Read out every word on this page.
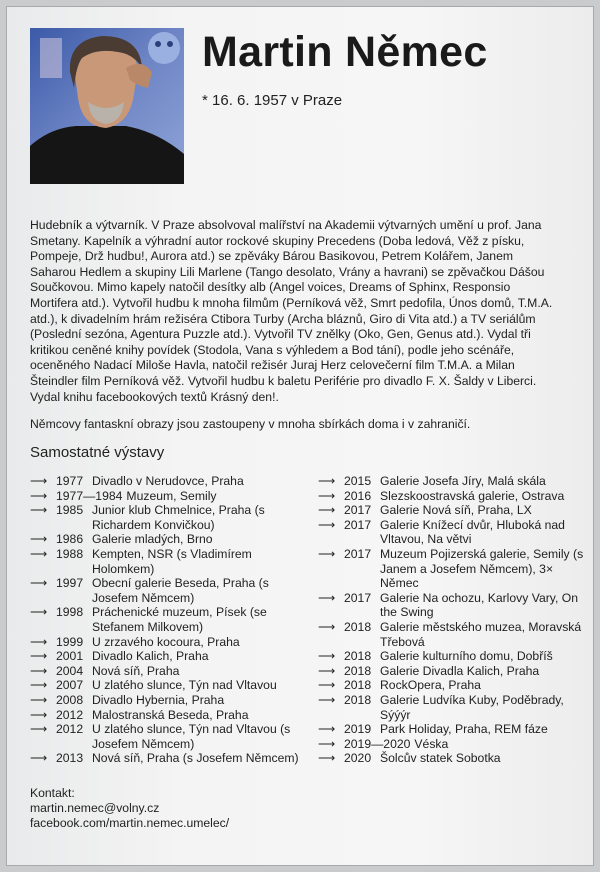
Martin Němec
* 16. 6. 1957 v Praze

Hudebník a výtvarník. V Praze absolvoval malířství na Akademii výtvarných umění u prof. Jana Smetany. Kapelník a výhradní autor rockové skupiny Precedens (Doba ledová, Věž z písku, Pompeje, Drž hudbu!, Aurora atd.) se zpěváky Bárou Basikovou, Petrem Kolářem, Janem Saharou Hedlem a skupiny Lili Marlene (Tango desolato, Vrány a havrani) se zpěvačkou Dášou Součkovou. Mimo kapely natočil desítky alb (Angel voices, Dreams of Sphinx, Responsio Mortifera atd.). Vytvořil hudbu k mnoha filmům (Perníková věž, Smrt pedofila, Únos domů, T.M.A. atd.), k divadelním hrám režiséra Ctibora Turby (Archa bláznů, Giro di Vita atd.) a TV seriálům (Poslední sezóna, Agentura Puzzle atd.). Vytvořil TV znělky (Oko, Gen, Genus atd.). Vydal tři kritikou ceněné knihy povídek (Stodola, Vana s výhledem a Bod tání), podle jeho scénáře, oceněného Nadací Miloše Havla, natočil režisér Juraj Herz celovečerní film T.M.A. a Milan Šteindler film Perníková věž. Vytvořil hudbu k baletu Periférie pro divadlo F. X. Šaldy v Liberci. Vydal knihu facebookových textů Krásný den!.

Němcovy fantaskní obrazy jsou zastoupeny v mnoha sbírkách doma i v zahraničí.

Samostatné výstavy
⟶ 1977 Divadlo v Nerudovce, Praha
⟶ 1977—1984 Muzeum, Semily
⟶ 1985 Junior klub Chmelnice, Praha (s Richardem Konvičkou)
⟶ 1986 Galerie mladých, Brno
⟶ 1988 Kempten, NSR (s Vladimírem Holomkem)
⟶ 1997 Obecní galerie Beseda, Praha (s Josefem Němcem)
⟶ 1998 Práchenické muzeum, Písek (se Stefanem Milkovem)
⟶ 1999 U zrzavého kocoura, Praha
⟶ 2001 Divadlo Kalich, Praha
⟶ 2004 Nová síň, Praha
⟶ 2007 U zlatého slunce, Týn nad Vltavou
⟶ 2008 Divadlo Hybernia, Praha
⟶ 2012 Malostranská Beseda, Praha
⟶ 2012 U zlatého slunce, Týn nad Vltavou (s Josefem Němcem)
⟶ 2013 Nová síň, Praha (s Josefem Němcem)
⟶ 2015 Galerie Josefa Jíry, Malá skála
⟶ 2016 Slezskoostravská galerie, Ostrava
⟶ 2017 Galerie Nová síň, Praha, LX
⟶ 2017 Galerie Knížecí dvůr, Hluboká nad Vltavou, Na větvi
⟶ 2017 Muzeum Pojizerská galerie, Semily (s Janem a Josefem Němcem), 3× Němec
⟶ 2017 Galerie Na ochozu, Karlovy Vary, On the Swing
⟶ 2018 Galerie městského muzea, Moravská Třebová
⟶ 2018 Galerie kulturního domu, Dobříš
⟶ 2018 Galerie Divadla Kalich, Praha
⟶ 2018 RockOpera, Praha
⟶ 2018 Galerie Ludvíka Kuby, Poděbrady, Sýýýr
⟶ 2019 Park Holiday, Praha, REM fáze
⟶ 2019—2020 Véska
⟶ 2020 Šolcův statek Sobotka
Kontakt:
martin.nemec@volny.cz
facebook.com/martin.nemec.umelec/
